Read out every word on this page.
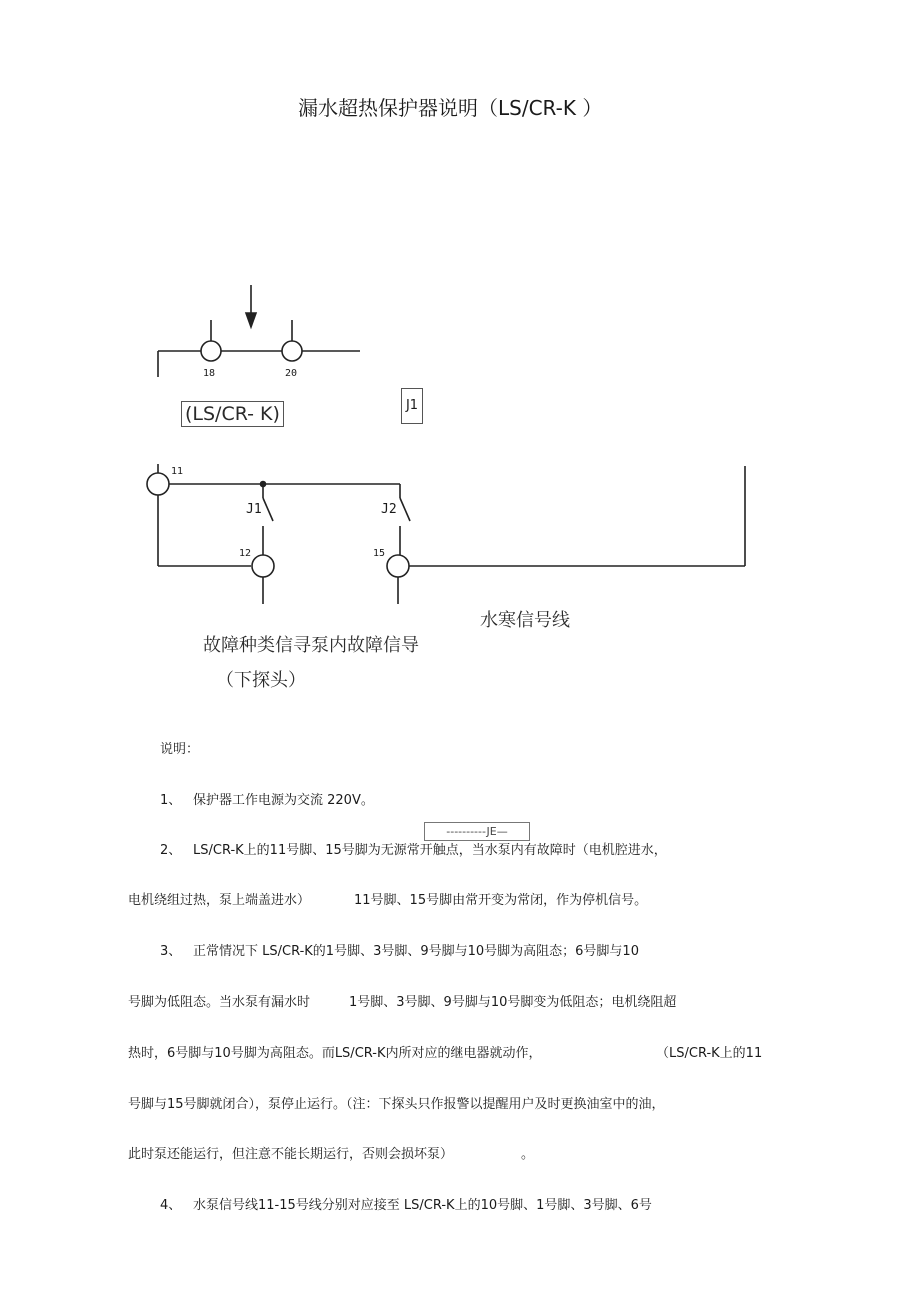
漏水超热保护器说明（LS/CR-K ）
18	20
11
12	15
J1	J2
J1
(LS/CR- K)
水寒信号线
故障种类信寻泵内故障信导
（下探头）
说明：
1、 保护器工作电源为交流 220V。
2、 LS/CR-K上的11号脚、15号脚为无源常开触点，当水泵内有故障时（电机腔进水，
----------JE—
电机绕组过热，泵上端盖进水）	11号脚、15号脚由常开变为常闭，作为停机信号。
3、 正常情况下 LS/CR-K的1号脚、3号脚、9号脚与10号脚为高阻态；6号脚与10
号脚为低阻态。当水泵有漏水时	1号脚、3号脚、9号脚与10号脚变为低阻态；电机绕阻超
热时，6号脚与10号脚为高阻态。而LS/CR-K内所对应的继电器就动作，	（LS/CR-K上的11
号脚与15号脚就闭合），泵停止运行。（注：下探头只作报警以提醒用户及时更换油室中的油，
此时泵还能运行，但注意不能长期运行，否则会损坏泵）	。
4、 水泵信号线11-15号线分别对应接至 LS/CR-K上的10号脚、1号脚、3号脚、6号
